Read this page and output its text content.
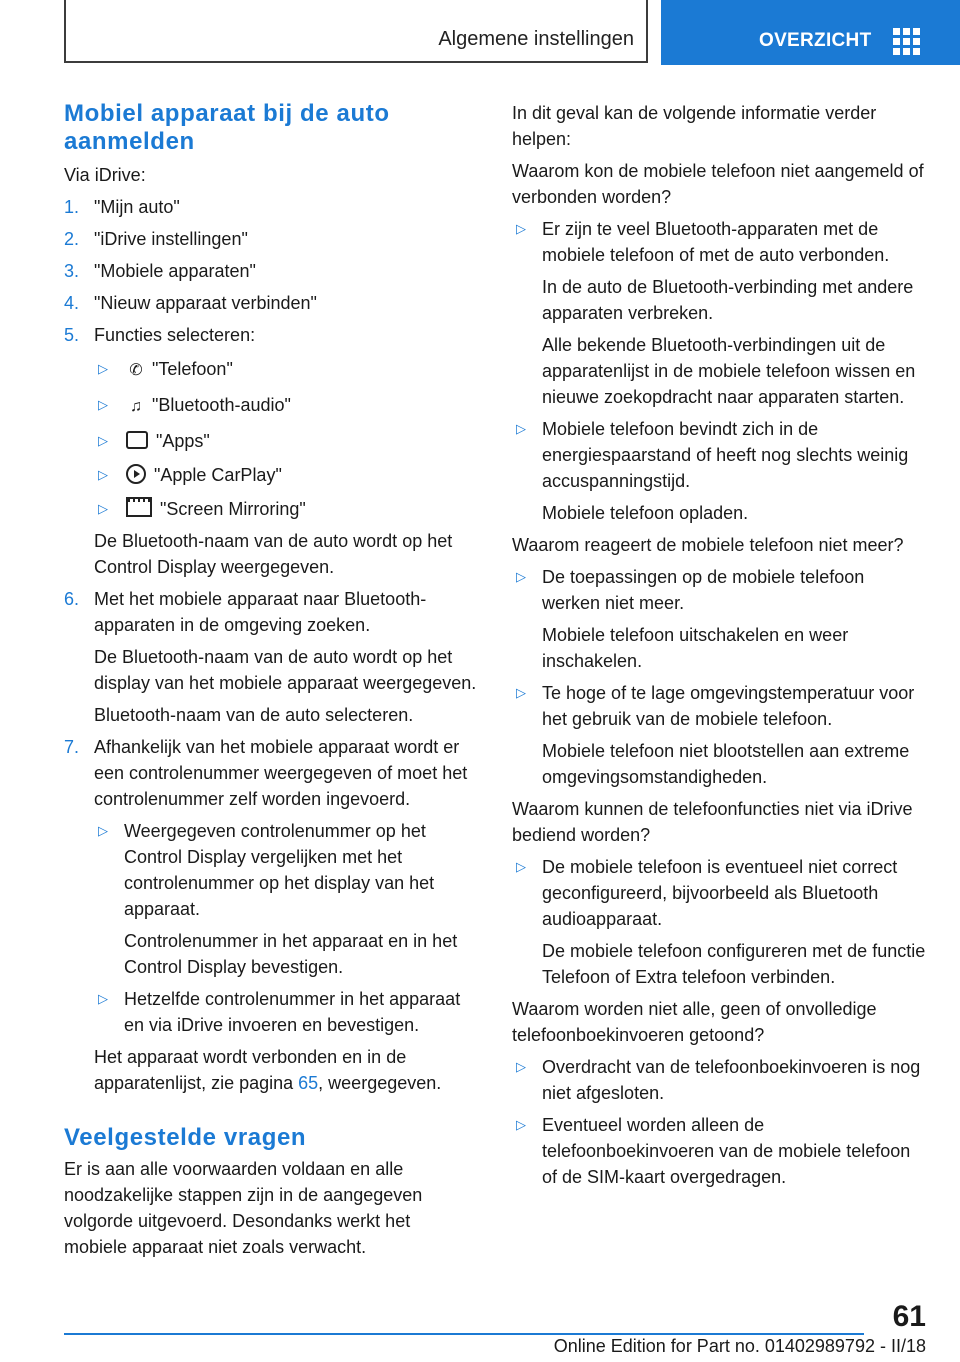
Algemene instellingen	OVERZICHT
Mobiel apparaat bij de auto aanmelden

Via iDrive:

1. "Mijn auto"
2. "iDrive instellingen"
3. "Mobiele apparaten"
4. "Nieuw apparaat verbinden"
5. Functies selecteren:
▷	✆ "Telefoon"
▷	♫ "Bluetooth-audio"
▷	"Apps"
▷	"Apple CarPlay"
▷	"Screen Mirroring"

De Bluetooth-naam van de auto wordt op het Control Display weergegeven.

6. Met het mobiele apparaat naar Bluetooth-apparaten in de omgeving zoeken.

De Bluetooth-naam van de auto wordt op het display van het mobiele apparaat weergegeven.

Bluetooth-naam van de auto selecteren.

7. Afhankelijk van het mobiele apparaat wordt er een controlenummer weergegeven of moet het controlenummer zelf worden ingevoerd.
▷ Weergegeven controlenummer op het Control Display vergelijken met het controlenummer op het display van het apparaat.

Controlenummer in het apparaat en in het Control Display bevestigen.

▷ Hetzelfde controlenummer in het apparaat en via iDrive invoeren en bevestigen.

Het apparaat wordt verbonden en in de apparatenlijst, zie pagina 65, weergegeven.

Veelgestelde vragen

Er is aan alle voorwaarden voldaan en alle noodzakelijke stappen zijn in de aangegeven volgorde uitgevoerd. Desondanks werkt het mobiele apparaat niet zoals verwacht.

In dit geval kan de volgende informatie verder helpen:

Waarom kon de mobiele telefoon niet aangemeld of verbonden worden?

▷ Er zijn te veel Bluetooth-apparaten met de mobiele telefoon of met de auto verbonden.

In de auto de Bluetooth-verbinding met andere apparaten verbreken.

Alle bekende Bluetooth-verbindingen uit de apparatenlijst in de mobiele telefoon wissen en nieuwe zoekopdracht naar apparaten starten.

▷ Mobiele telefoon bevindt zich in de energiespaarstand of heeft nog slechts weinig accuspanningstijd.

Mobiele telefoon opladen.

Waarom reageert de mobiele telefoon niet meer?

▷ De toepassingen op de mobiele telefoon werken niet meer.

Mobiele telefoon uitschakelen en weer inschakelen.

▷ Te hoge of te lage omgevingstemperatuur voor het gebruik van de mobiele telefoon.

Mobiele telefoon niet blootstellen aan extreme omgevingsomstandigheden.

Waarom kunnen de telefoonfuncties niet via iDrive bediend worden?

▷ De mobiele telefoon is eventueel niet correct geconfigureerd, bijvoorbeeld als Bluetooth audioapparaat.

De mobiele telefoon configureren met de functie Telefoon of Extra telefoon verbinden.

Waarom worden niet alle, geen of onvolledige telefoonboekinvoeren getoond?

▷ Overdracht van de telefoonboekinvoeren is nog niet afgesloten.
▷ Eventueel worden alleen de telefoonboekinvoeren van de mobiele telefoon of de SIM-kaart overgedragen.
61
Online Edition for Part no. 01402989792 - II/18
